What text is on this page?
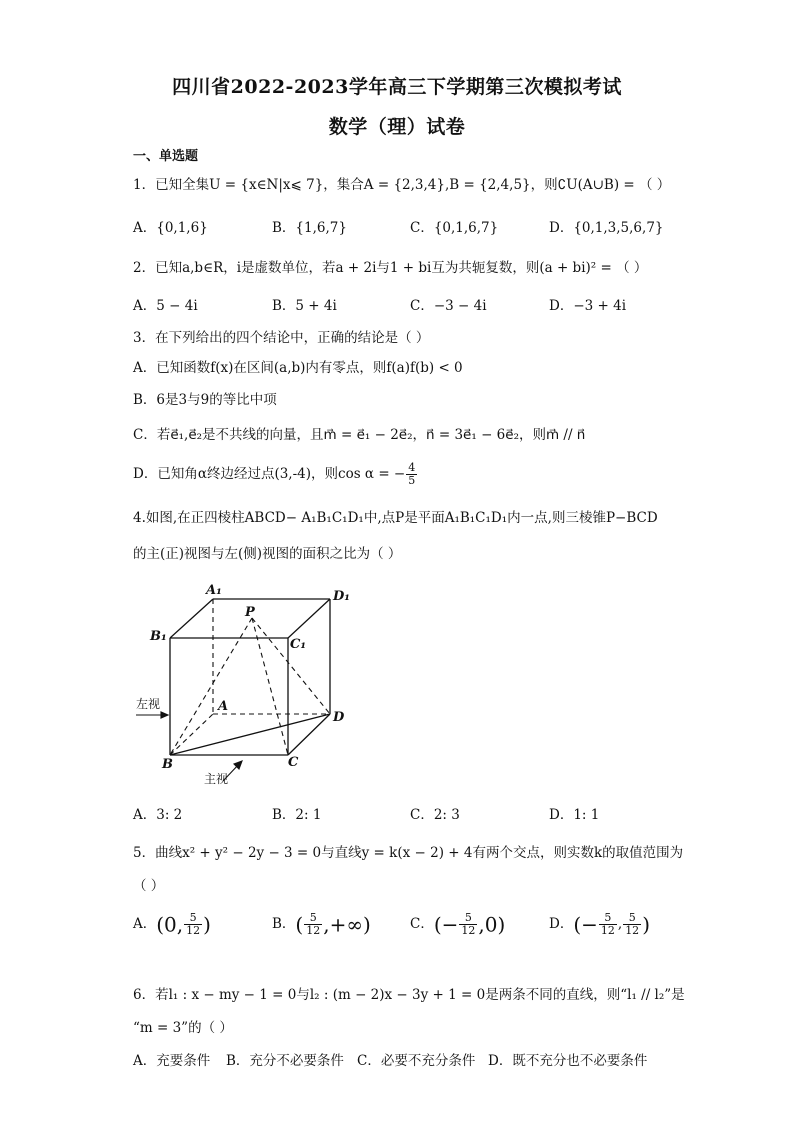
四川省2022-2023学年高三下学期第三次模拟考试
数学（理）试卷
一、单选题
1．已知全集U = {x∈N|x⩽ 7}，集合A = {2,3,4},B = {2,4,5}，则∁U(A∪B) = （ ）
A．{0,1,6}	B．{1,6,7}	C．{0,1,6,7}	D．{0,1,3,5,6,7}
2．已知a,b∈R，i是虚数单位，若a + 2i与1 + bi互为共轭复数，则(a + bi)² = （ ）
A．5 − 4i	B．5 + 4i	C．−3 − 4i	D．−3 + 4i
3．在下列给出的四个结论中，正确的结论是（ ）
A．已知函数f(x)在区间(a,b)内有零点，则f(a)f(b) < 0
B．6是3与9的等比中项
C．若e⃗₁,e⃗₂是不共线的向量，且m⃗ = e⃗₁ − 2e⃗₂，n⃗ = 3e⃗₁ − 6e⃗₂，则m⃗ // n⃗
D．已知角α终边经过点(3,-4)，则cos α = − $\frac{4}{5}$
4.如图,在正四棱柱ABCD− A₁B₁C₁D₁中,点P是平面A₁B₁C₁D₁内一点,则三棱锥P−BCD
的主(正)视图与左(侧)视图的面积之比为（ ）
A₁	D₁
B₁
C₁
P
A
D
B	C
左视
主视
A．3: 2	B．2: 1	C．2: 3	D．1: 1
5．曲线x² + y² − 2y − 3 = 0与直线y = k(x − 2) + 4有两个交点，则实数k的取值范围为
（ ）
A．(0, $\frac{5}{12}$ )	B．( $\frac{5}{12}$ ,+∞)	C．(− $\frac{5}{12} ,0$)	D．(− $\frac{5}{12}$ , $\frac{5}{12}$ )
6．若l₁ : x − my − 1 = 0与l₂ : (m − 2)x − 3y + 1 = 0是两条不同的直线，则“l₁ // l₂”是
“m = 3”的（ ）
A．充要条件 B．充分不必要条件 C．必要不充分条件 D．既不充分也不必要条件
